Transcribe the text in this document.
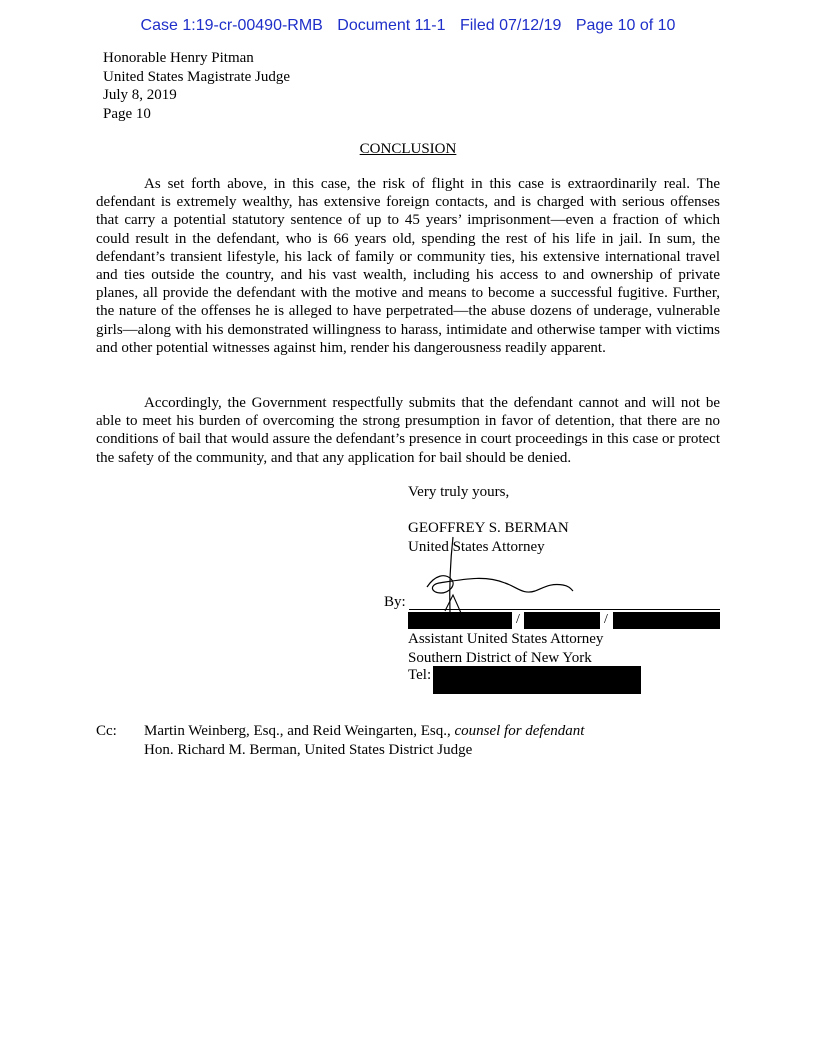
Case 1:19-cr-00490-RMB Document 11-1 Filed 07/12/19 Page 10 of 10
Honorable Henry Pitman
United States Magistrate Judge
July 8, 2019
Page 10
CONCLUSION

As set forth above, in this case, the risk of flight in this case is extraordinarily real. The defendant is extremely wealthy, has extensive foreign contacts, and is charged with serious offenses that carry a potential statutory sentence of up to 45 years’ imprisonment—even a fraction of which could result in the defendant, who is 66 years old, spending the rest of his life in jail. In sum, the defendant’s transient lifestyle, his lack of family or community ties, his extensive international travel and ties outside the country, and his vast wealth, including his access to and ownership of private planes, all provide the defendant with the motive and means to become a successful fugitive. Further, the nature of the offenses he is alleged to have perpetrated—the abuse dozens of underage, vulnerable girls—along with his demonstrated willingness to harass, intimidate and otherwise tamper with victims and other potential witnesses against him, render his dangerousness readily apparent.

Accordingly, the Government respectfully submits that the defendant cannot and will not be able to meet his burden of overcoming the strong presumption in favor of detention, that there are no conditions of bail that would assure the defendant’s presence in court proceedings in this case or protect the safety of the community, and that any application for bail should be denied.

Very truly yours,
GEOFFREY S. BERMAN
United States Attorney
By:
/	/
Assistant United States Attorney
Southern District of New York
Tel:
Cc: Martin Weinberg, Esq., and Reid Weingarten, Esq., counsel for defendant
Hon. Richard M. Berman, United States District Judge
